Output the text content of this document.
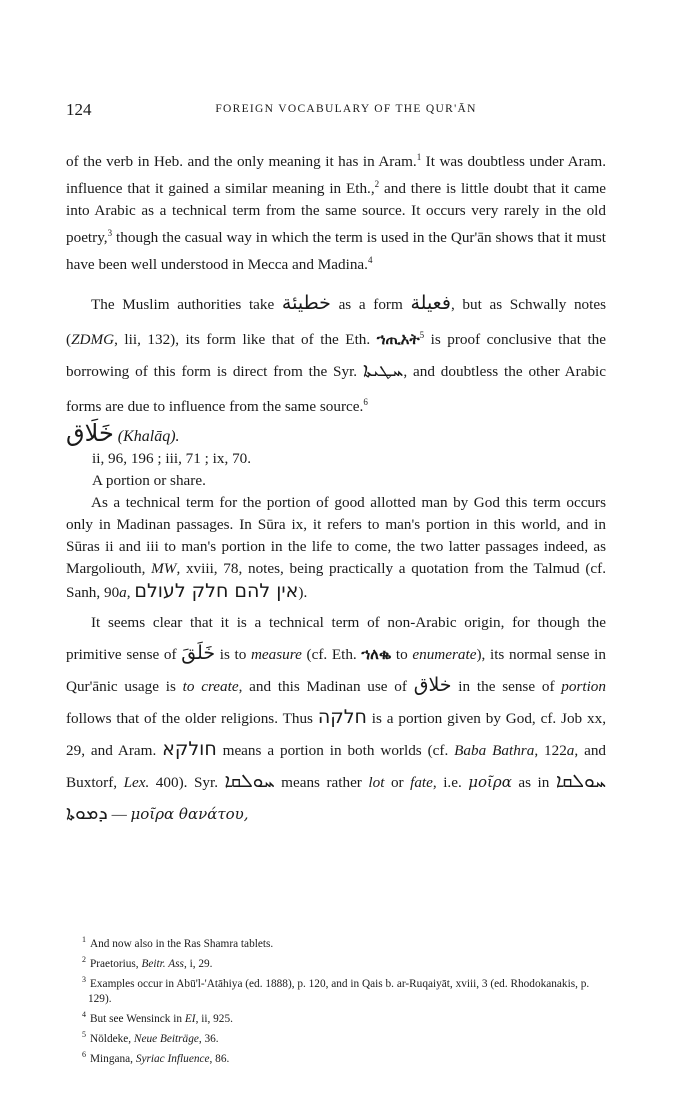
124	FOREIGN VOCABULARY OF THE QUR'ĀN

of the verb in Heb. and the only meaning it has in Aram.$^1$ It was doubtless under Aram. influence that it gained a similar meaning in Eth.,$^2$ and there is little doubt that it came into Arabic as a technical term from the same source. It occurs very rarely in the old poetry,$^3$ though the casual way in which the term is used in the Qur'ān shows that it must have been well understood in Mecca and Madina.$^4$

The Muslim authorities take خطيئة as a form فعيلة, but as Schwally notes (ZDMG, lii, 132), its form like that of the Eth. ኀጢአት$^5$ is proof conclusive that the borrowing of this form is direct from the Syr. ܚܛܝܬܐ, and doubtless the other Arabic forms are due to influence from the same source.$^6$

خَلَاق (Khalāq).

ii, 96, 196 ; iii, 71 ; ix, 70.

A portion or share.

As a technical term for the portion of good allotted man by God this term occurs only in Madinan passages. In Sūra ix, it refers to man's portion in this world, and in Sūras ii and iii to man's portion in the life to come, the two latter passages indeed, as Margoliouth, MW, xviii, 78, notes, being practically a quotation from the Talmud (cf. Sanh, 90a, אין להם חלק לעולם).

It seems clear that it is a technical term of non-Arabic origin, for though the primitive sense of خَلَقَ is to measure (cf. Eth. ኀለቈ to enumerate), its normal sense in Qur'ānic usage is to create, and this Madinan use of خلاق in the sense of portion follows that of the older religions. Thus חלקה is a portion given by God, cf. Job xx, 29, and Aram. חולקא means a portion in both worlds (cf. Baba Bathra, 122a, and Buxtorf, Lex. 400). Syr. ܚܘܠܩܐ means rather lot or fate, i.e. μοῖρα as in ܚܘܠܩܐ ܕܡܘܬܐ — μοῖρα θανάτου,

$^1$ And now also in the Ras Shamra tablets.

$^2$ Praetorius, Beitr. Ass, i, 29.

$^3$ Examples occur in Abū'l-'Atāhiya (ed. 1888), p. 120, and in Qais b. ar-Ruqaiyāt, xviii, 3 (ed. Rhodokanakis, p. 129).

$^4$ But see Wensinck in EI, ii, 925.

$^5$ Nöldeke, Neue Beiträge, 36.

$^6$ Mingana, Syriac Influence, 86.
